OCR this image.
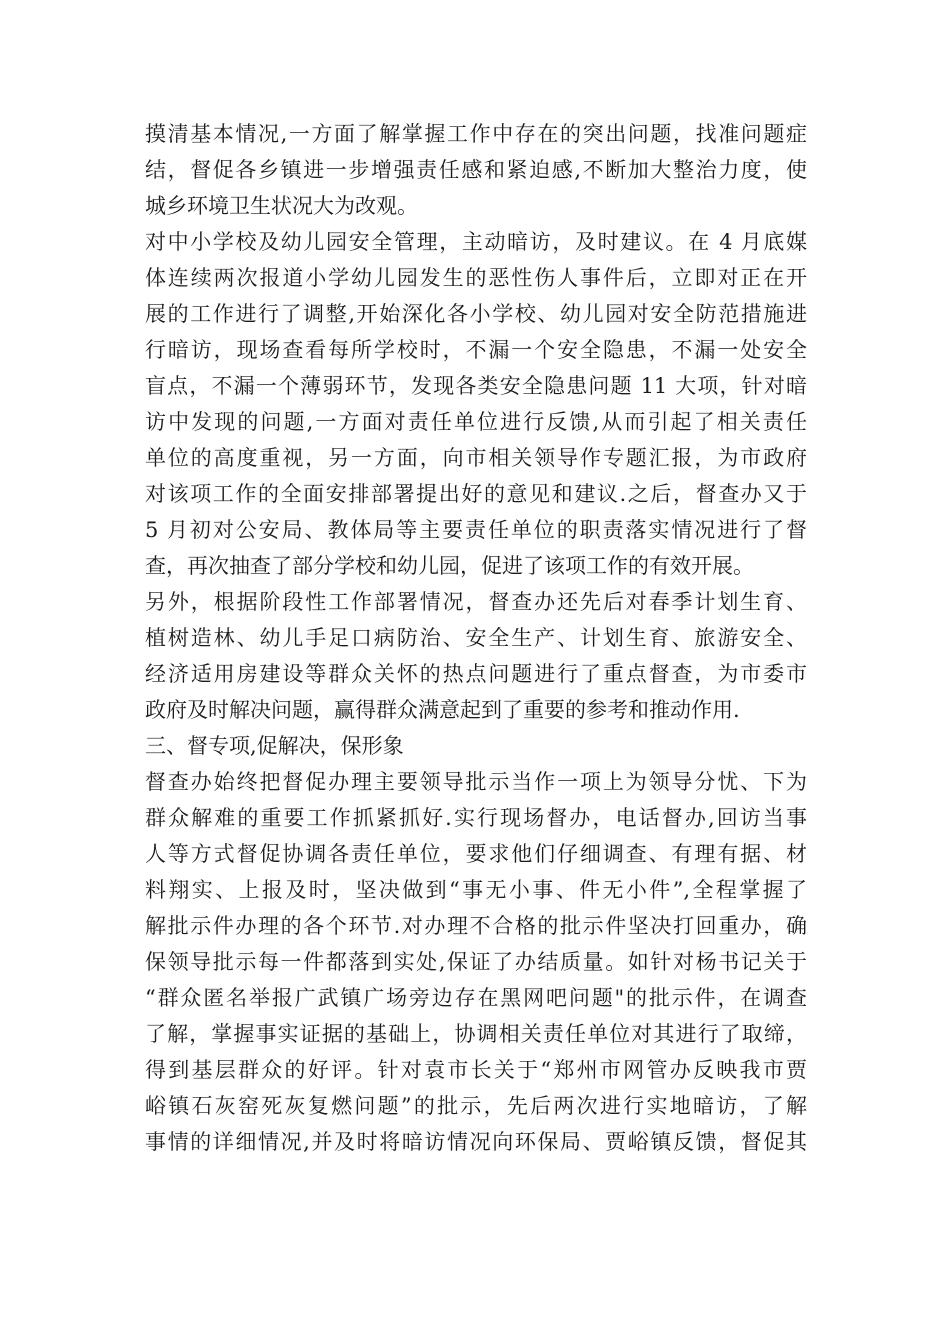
摸清基本情况,一方面了解掌握工作中存在的突出问题，找准问题症
结，督促各乡镇进一步增强责任感和紧迫感,不断加大整治力度，使
城乡环境卫生状况大为改观。
对中小学校及幼儿园安全管理，主动暗访，及时建议。在 4 月底媒
体连续两次报道小学幼儿园发生的恶性伤人事件后，立即对正在开
展的工作进行了调整,开始深化各小学校、幼儿园对安全防范措施进
行暗访，现场查看每所学校时，不漏一个安全隐患，不漏一处安全
盲点，不漏一个薄弱环节，发现各类安全隐患问题 11 大项，针对暗
访中发现的问题,一方面对责任单位进行反馈,从而引起了相关责任
单位的高度重视，另一方面，向市相关领导作专题汇报，为市政府
对该项工作的全面安排部署提出好的意见和建议.之后，督查办又于
5 月初对公安局、教体局等主要责任单位的职责落实情况进行了督
查，再次抽查了部分学校和幼儿园，促进了该项工作的有效开展。
另外，根据阶段性工作部署情况，督查办还先后对春季计划生育、
植树造林、幼儿手足口病防治、安全生产、计划生育、旅游安全、
经济适用房建设等群众关怀的热点问题进行了重点督查，为市委市
政府及时解决问题，赢得群众满意起到了重要的参考和推动作用.
三、督专项,促解决，保形象
督查办始终把督促办理主要领导批示当作一项上为领导分忧、下为
群众解难的重要工作抓紧抓好.实行现场督办，电话督办,回访当事
人等方式督促协调各责任单位，要求他们仔细调查、有理有据、材
料翔实、上报及时，坚决做到“事无小事、件无小件”,全程掌握了
解批示件办理的各个环节.对办理不合格的批示件坚决打回重办，确
保领导批示每一件都落到实处,保证了办结质量。如针对杨书记关于
“群众匿名举报广武镇广场旁边存在黑网吧问题"的批示件，在调查
了解，掌握事实证据的基础上，协调相关责任单位对其进行了取缔，
得到基层群众的好评。针对袁市长关于“郑州市网管办反映我市贾
峪镇石灰窑死灰复燃问题”的批示，先后两次进行实地暗访，了解
事情的详细情况,并及时将暗访情况向环保局、贾峪镇反馈，督促其
